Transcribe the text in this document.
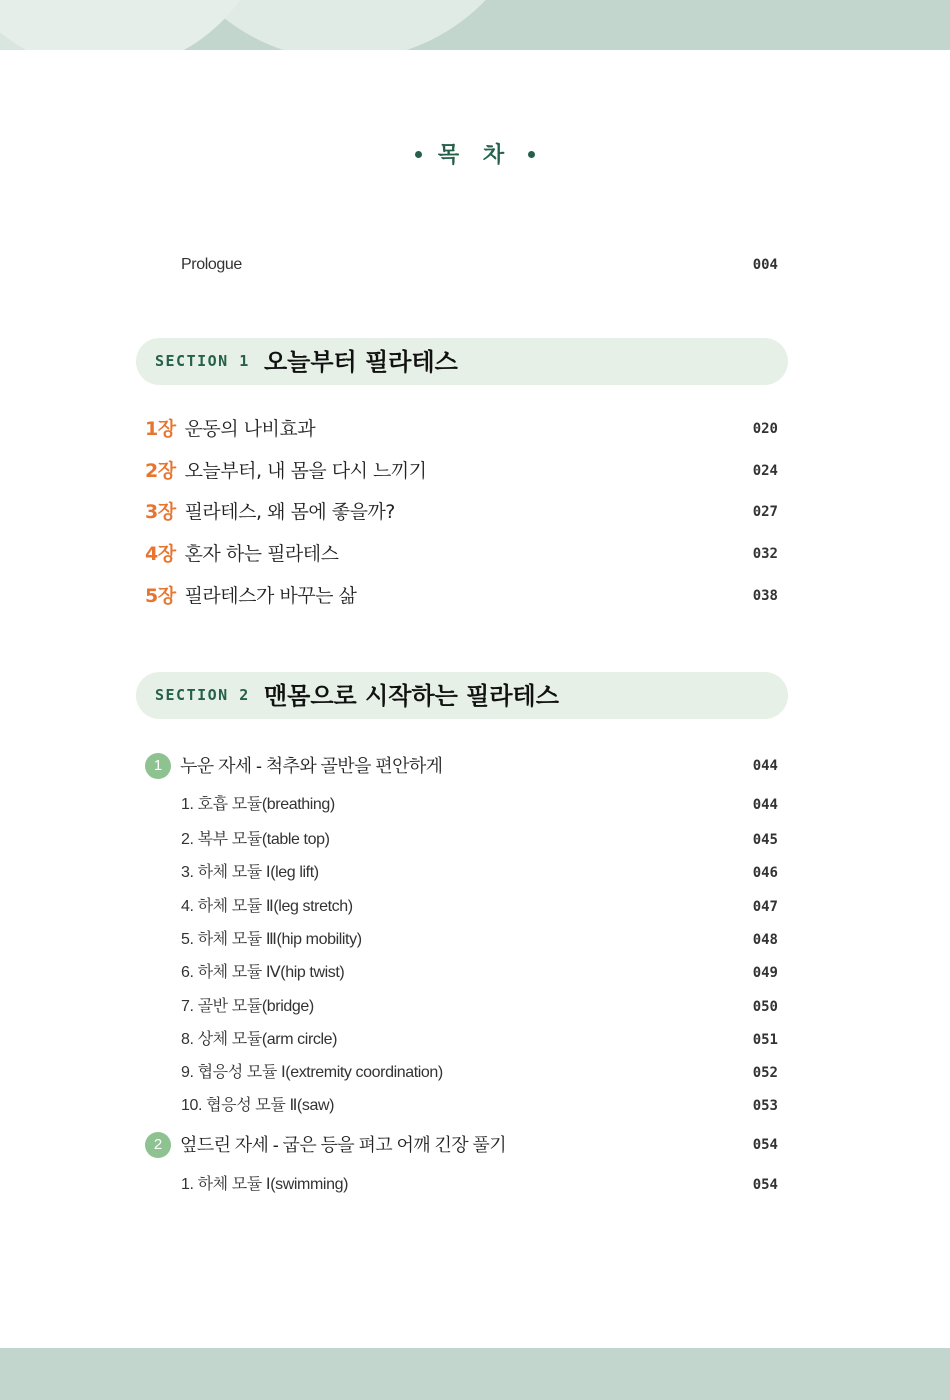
목 차
Prologue	004
SECTION 1 오늘부터 필라테스
1장 운동의 나비효과	020
2장 오늘부터, 내 몸을 다시 느끼기	024
3장 필라테스, 왜 몸에 좋을까?	027
4장 혼자 하는 필라테스	032
5장 필라테스가 바꾸는 삶	038
SECTION 2 맨몸으로 시작하는 필라테스
1 누운 자세 - 척추와 골반을 편안하게	044
1. 호흡 모듈(breathing)	044
2. 복부 모듈(table top)	045
3. 하체 모듈 Ⅰ(leg lift)	046
4. 하체 모듈 Ⅱ(leg stretch)	047
5. 하체 모듈 Ⅲ(hip mobility)	048
6. 하체 모듈 Ⅳ(hip twist)	049
7. 골반 모듈(bridge)	050
8. 상체 모듈(arm circle)	051
9. 협응성 모듈 Ⅰ(extremity coordination)	052
10. 협응성 모듈 Ⅱ(saw)	053
2 엎드린 자세 - 굽은 등을 펴고 어깨 긴장 풀기	054
1. 하체 모듈 Ⅰ(swimming)	054
